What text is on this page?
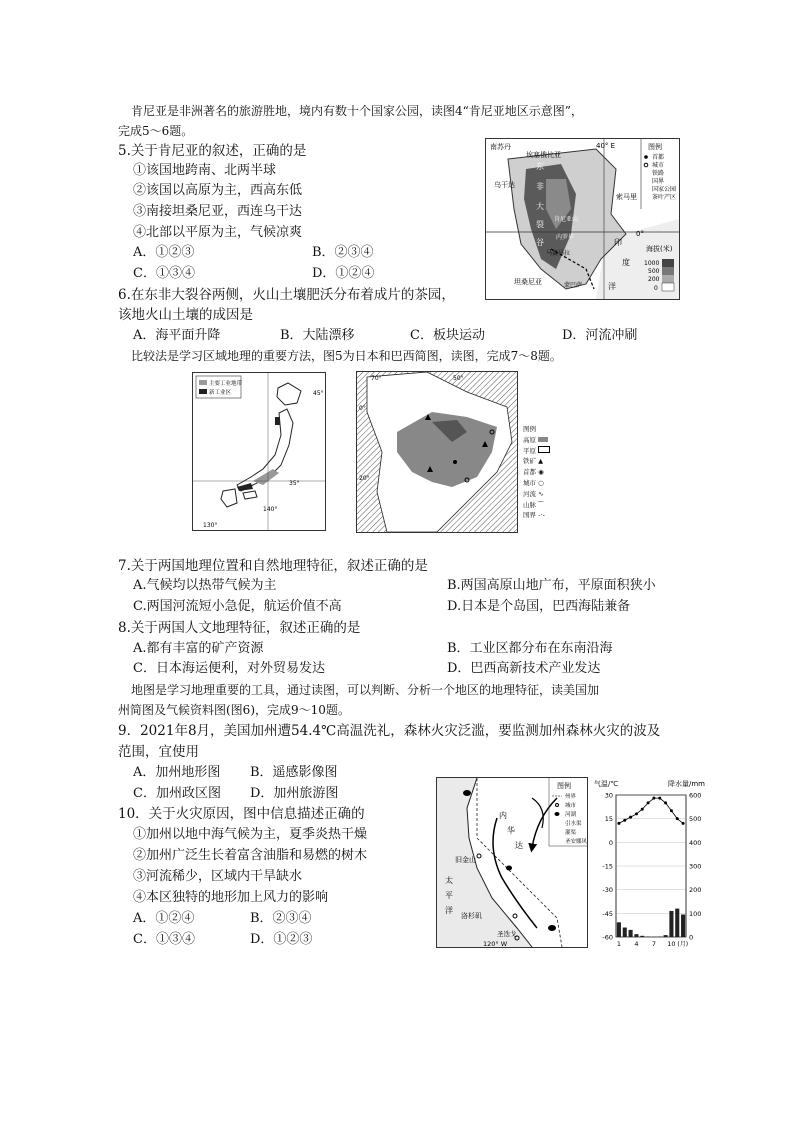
肯尼亚是非洲著名的旅游胜地，境内有数十个国家公园，读图4“肯尼亚地区示意图”，
完成5～6题。
5.关于肯尼亚的叙述，正确的是
①该国地跨南、北两半球
②该国以高原为主，西高东低
③南接坦桑尼亚，西连乌干达
④北部以平原为主，气候凉爽
A．①②③	B．②③④
C．①③④	D．①②④
6.在东非大裂谷两侧，火山土壤肥沃分布着成片的茶园，
该地火山土壤的成因是
A．海平面升降	B．大陆漂移	C．板块运动	D．河流冲刷
40° E
0°
南苏丹
埃塞俄比亚
乌干达
索马里
坦桑尼亚
东
非
大
裂
谷
肯尼亚山
内罗毕
马赛马拉
印
度
洋
蒙巴萨
图例
首都
城市
铁路
国界
国家公园
茶叶产区
海拔(米)
1000
500
200
0
比较法是学习区域地理的重要方法，图5为日本和巴西简图，读图，完成7～8题。
主要工业地带
新工业区	45°
35°
130°
140°
70°	50°
0°
20°
图例
高原
平原
铁矿 ▲
首都 ◉
城市 ○
河流 ∿
山脉 ⁀
国界 ‐·‐
7.关于两国地理位置和自然地理特征，叙述正确的是
A.气候均以热带气候为主	B.两国高原山地广布，平原面积狭小
C.两国河流短小急促，航运价值不高	D.日本是个岛国，巴西海陆兼备
8.关于两国人文地理特征，叙述正确的是
A.都有丰富的矿产资源	B．工业区都分布在东南沿海
C．日本海运便利，对外贸易发达	D．巴西高新技术产业发达
地图是学习地理重要的工具，通过读图，可以判断、分析一个地区的地理特征，读美国加
州简图及气候资料图(图6)，完成9～10题。
9．2021年8月，美国加州遭54.4℃高温洗礼，森林火灾泛滥，要监测加州森林火灾的波及
范围，宜使用
A．加州地形图 B．遥感影像图
C．加州政区图 D．加州旅游图
10．关于火灾原因，图中信息描述正确的
①加州以地中海气候为主，夏季炎热干燥
②加州广泛生长着富含油脂和易燃的树木
③河流稀少，区域内干旱缺水
④本区独特的地形加上风力的影响
A．①②④	B．②③④
C．①③④	D．①②③
内
华
达
旧金山
太
平
洋
洛杉矶
圣迭戈
120° W
图例
州界
城市
河湖
引水渠
灌渠
圣安娜风
气温/℃	降水量/mm
30
15
0
-15
-30
-45
-60
600
500
400
300
200
100
0
1 4 7 10 (月)
